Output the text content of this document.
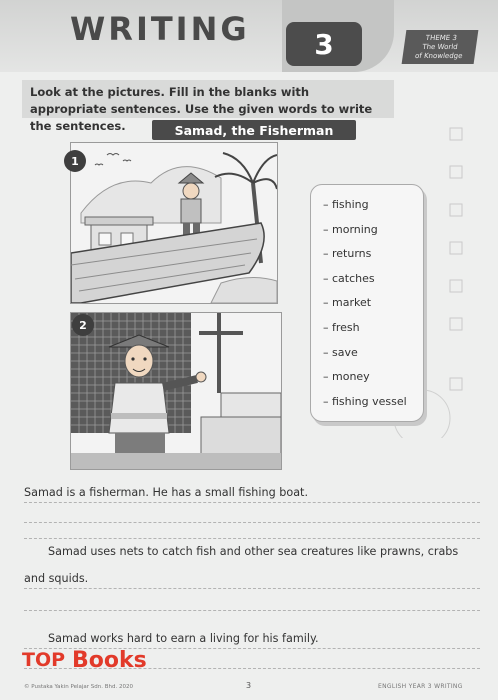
WRITING 3	THEME 3
The World
of Knowledge
Look at the pictures. Fill in the blanks with appropriate sentences. Use the given words to write the sentences.	Samad, the Fisherman
1
2
– fishing
– morning
– returns
– catches
– market
– fresh
– save
– money
– fishing vessel
Samad is a fisherman. He has a small fishing boat.
Samad uses nets to catch fish and other sea creatures like prawns, crabs
and squids.
Samad works hard to earn a living for his family.
TOP Books
© Pustaka Yakin Pelajar Sdn. Bhd. 2020	3	ENGLISH YEAR 3 WRITING
